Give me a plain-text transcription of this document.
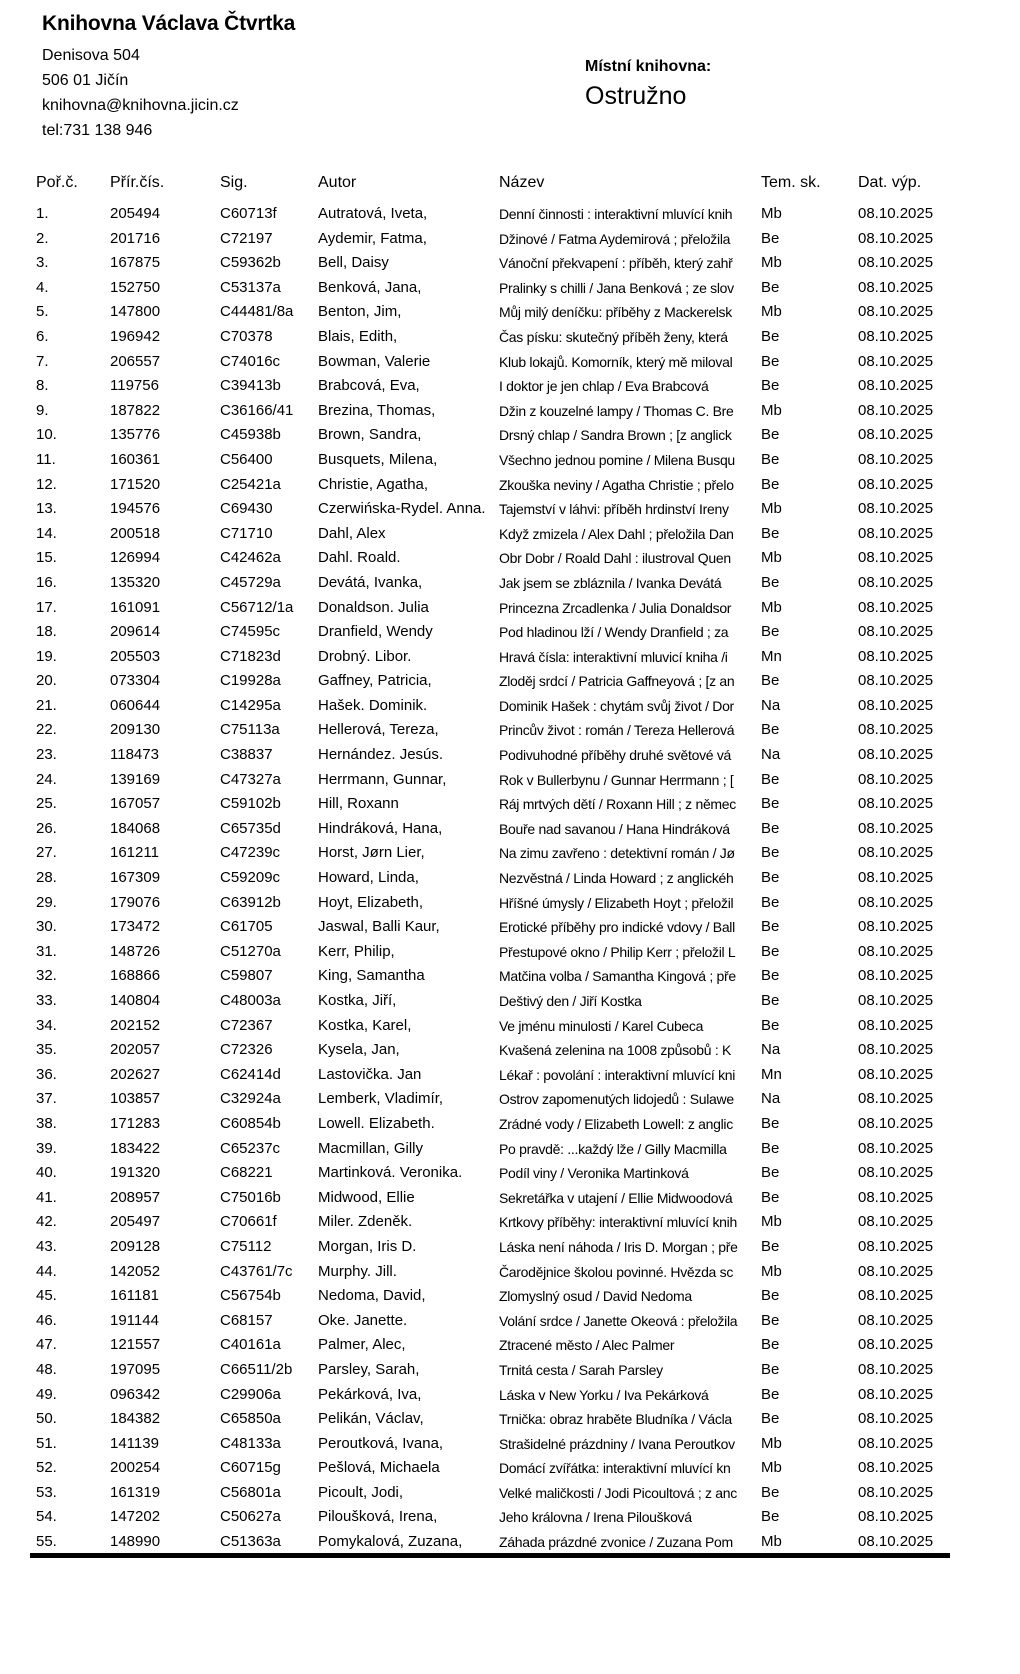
Knihovna Václava Čtvrtka
Denisova 504
506 01 Jičín
knihovna@knihovna.jicin.cz
tel:731 138 946
Místní knihovna:
Ostružno
Poř.č.	Přír.čís.	Sig.	Autor	Název	Tem. sk.	Dat. výp.
1.	205494	C60713f	Autratová, Iveta,	Denní činnosti : interaktivní mluvící knih	Mb	08.10.2025
2.	201716	C72197	Aydemir, Fatma,	Džinové / Fatma Aydemirová ; přeložila	Be	08.10.2025
3.	167875	C59362b	Bell, Daisy	Vánoční překvapení : příběh, který zahř	Mb	08.10.2025
4.	152750	C53137a	Benková, Jana,	Pralinky s chilli / Jana Benková ; ze slov	Be	08.10.2025
5.	147800	C44481/8a	Benton, Jim,	Můj milý deníčku: příběhy z Mackerelsk	Mb	08.10.2025
6.	196942	C70378	Blais, Edith,	Čas písku: skutečný příběh ženy, která	Be	08.10.2025
7.	206557	C74016c	Bowman, Valerie	Klub lokajů. Komorník, který mě miloval	Be	08.10.2025
8.	119756	C39413b	Brabcová, Eva,	I doktor je jen chlap / Eva Brabcová	Be	08.10.2025
9.	187822	C36166/41	Brezina, Thomas,	Džin z kouzelné lampy / Thomas C. Bre	Mb	08.10.2025
10.	135776	C45938b	Brown, Sandra,	Drsný chlap / Sandra Brown ; [z anglick	Be	08.10.2025
11.	160361	C56400	Busquets, Milena,	Všechno jednou pomine / Milena Busqu	Be	08.10.2025
12.	171520	C25421a	Christie, Agatha,	Zkouška neviny / Agatha Christie ; přelo	Be	08.10.2025
13.	194576	C69430	Czerwińska-Rydel. Anna.	Tajemství v láhvi: příběh hrdinství Ireny	Mb	08.10.2025
14.	200518	C71710	Dahl, Alex	Když zmizela / Alex Dahl ; přeložila Dan	Be	08.10.2025
15.	126994	C42462a	Dahl. Roald.	Obr Dobr / Roald Dahl : ilustroval Quen	Mb	08.10.2025
16.	135320	C45729a	Devátá, Ivanka,	Jak jsem se zbláznila / Ivanka Devátá	Be	08.10.2025
17.	161091	C56712/1a	Donaldson. Julia	Princezna Zrcadlenka / Julia Donaldsor	Mb	08.10.2025
18.	209614	C74595c	Dranfield, Wendy	Pod hladinou lží / Wendy Dranfield ; za	Be	08.10.2025
19.	205503	C71823d	Drobný. Libor.	Hravá čísla: interaktivní mluvicí kniha /i	Mn	08.10.2025
20.	073304	C19928a	Gaffney, Patricia,	Zloděj srdcí / Patricia Gaffneyová ; [z an	Be	08.10.2025
21.	060644	C14295a	Hašek. Dominik.	Dominik Hašek : chytám svůj život / Dor	Na	08.10.2025
22.	209130	C75113a	Hellerová, Tereza,	Princův život : román / Tereza Hellerová	Be	08.10.2025
23.	118473	C38837	Hernández. Jesús.	Podivuhodné příběhy druhé světové vá	Na	08.10.2025
24.	139169	C47327a	Herrmann, Gunnar,	Rok v Bullerbynu / Gunnar Herrmann ; [	Be	08.10.2025
25.	167057	C59102b	Hill, Roxann	Ráj mrtvých dětí / Roxann Hill ; z němec	Be	08.10.2025
26.	184068	C65735d	Hindráková, Hana,	Bouře nad savanou / Hana Hindráková	Be	08.10.2025
27.	161211	C47239c	Horst, Jørn Lier,	Na zimu zavřeno : detektivní román / Jø	Be	08.10.2025
28.	167309	C59209c	Howard, Linda,	Nezvěstná / Linda Howard ; z anglickéh	Be	08.10.2025
29.	179076	C63912b	Hoyt, Elizabeth,	Hříšné úmysly / Elizabeth Hoyt ; přeložil	Be	08.10.2025
30.	173472	C61705	Jaswal, Balli Kaur,	Erotické příběhy pro indické vdovy / Ball	Be	08.10.2025
31.	148726	C51270a	Kerr, Philip,	Přestupové okno / Philip Kerr ; přeložil L	Be	08.10.2025
32.	168866	C59807	King, Samantha	Matčina volba / Samantha Kingová ; pře	Be	08.10.2025
33.	140804	C48003a	Kostka, Jiří,	Deštivý den / Jiří Kostka	Be	08.10.2025
34.	202152	C72367	Kostka, Karel,	Ve jménu minulosti / Karel Cubeca	Be	08.10.2025
35.	202057	C72326	Kysela, Jan,	Kvašená zelenina na 1008 způsobů : K	Na	08.10.2025
36.	202627	C62414d	Lastovička. Jan	Lékař : povolání : interaktivní mluvící kni	Mn	08.10.2025
37.	103857	C32924a	Lemberk, Vladimír,	Ostrov zapomenutých lidojedů : Sulawe	Na	08.10.2025
38.	171283	C60854b	Lowell. Elizabeth.	Zrádné vody / Elizabeth Lowell: z anglic	Be	08.10.2025
39.	183422	C65237c	Macmillan, Gilly	Po pravdě: ...každý lže / Gilly Macmilla	Be	08.10.2025
40.	191320	C68221	Martinková. Veronika.	Podíl viny / Veronika Martinková	Be	08.10.2025
41.	208957	C75016b	Midwood, Ellie	Sekretářka v utajení / Ellie Midwoodová	Be	08.10.2025
42.	205497	C70661f	Miler. Zdeněk.	Krtkovy příběhy: interaktivní mluvící knih	Mb	08.10.2025
43.	209128	C75112	Morgan, Iris D.	Láska není náhoda / Iris D. Morgan ; pře	Be	08.10.2025
44.	142052	C43761/7c	Murphy. Jill.	Čarodějnice školou povinné. Hvězda sc	Mb	08.10.2025
45.	161181	C56754b	Nedoma, David,	Zlomyslný osud / David Nedoma	Be	08.10.2025
46.	191144	C68157	Oke. Janette.	Volání srdce / Janette Okeová : přeložila	Be	08.10.2025
47.	121557	C40161a	Palmer, Alec,	Ztracené město / Alec Palmer	Be	08.10.2025
48.	197095	C66511/2b	Parsley, Sarah,	Trnitá cesta / Sarah Parsley	Be	08.10.2025
49.	096342	C29906a	Pekárková, Iva,	Láska v New Yorku / Iva Pekárková	Be	08.10.2025
50.	184382	C65850a	Pelikán, Václav,	Trnička: obraz hraběte Bludníka / Václa	Be	08.10.2025
51.	141139	C48133a	Peroutková, Ivana,	Strašidelné prázdniny / Ivana Peroutkov	Mb	08.10.2025
52.	200254	C60715g	Pešlová, Michaela	Domácí zvířátka: interaktivní mluvící kn	Mb	08.10.2025
53.	161319	C56801a	Picoult, Jodi,	Velké maličkosti / Jodi Picoultová ; z anc	Be	08.10.2025
54.	147202	C50627a	Piloušková, Irena,	Jeho královna / Irena Piloušková	Be	08.10.2025
55.	148990	C51363a	Pomykalová, Zuzana,	Záhada prázdné zvonice / Zuzana Pom	Mb	08.10.2025
